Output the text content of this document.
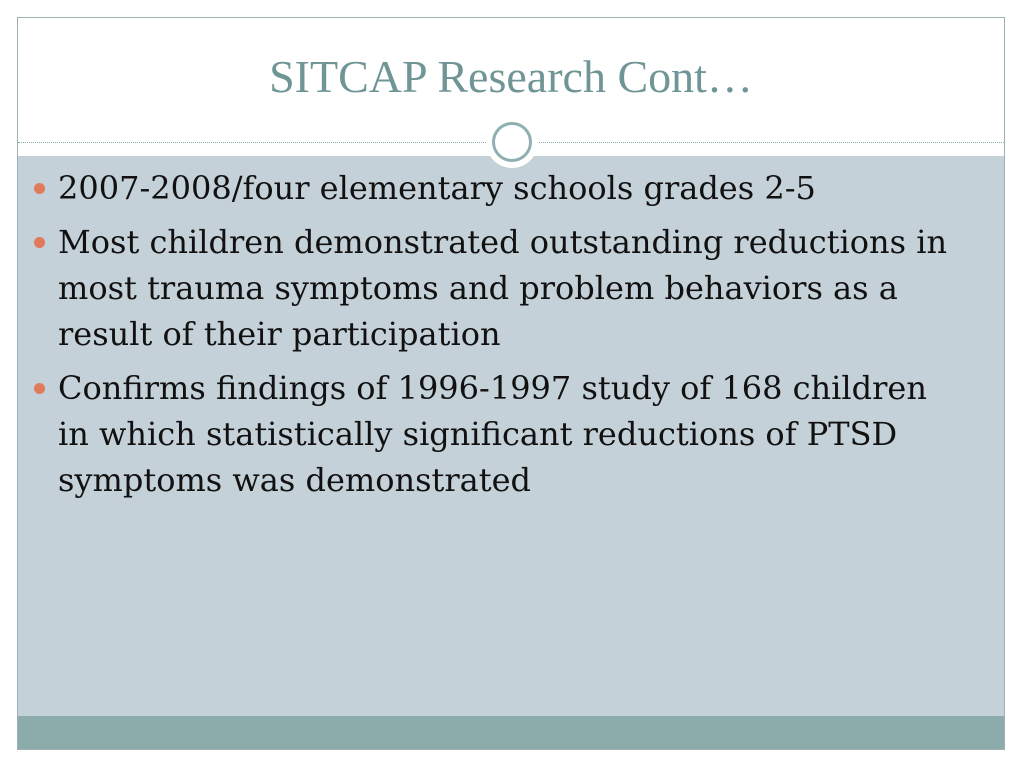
SITCAP Research Cont…
2007-2008/four elementary schools grades 2-5
Most children demonstrated outstanding reductions in most trauma symptoms and problem behaviors as a result of their participation
Confirms findings of 1996-1997 study of 168 children in which statistically significant reductions of PTSD symptoms was demonstrated
